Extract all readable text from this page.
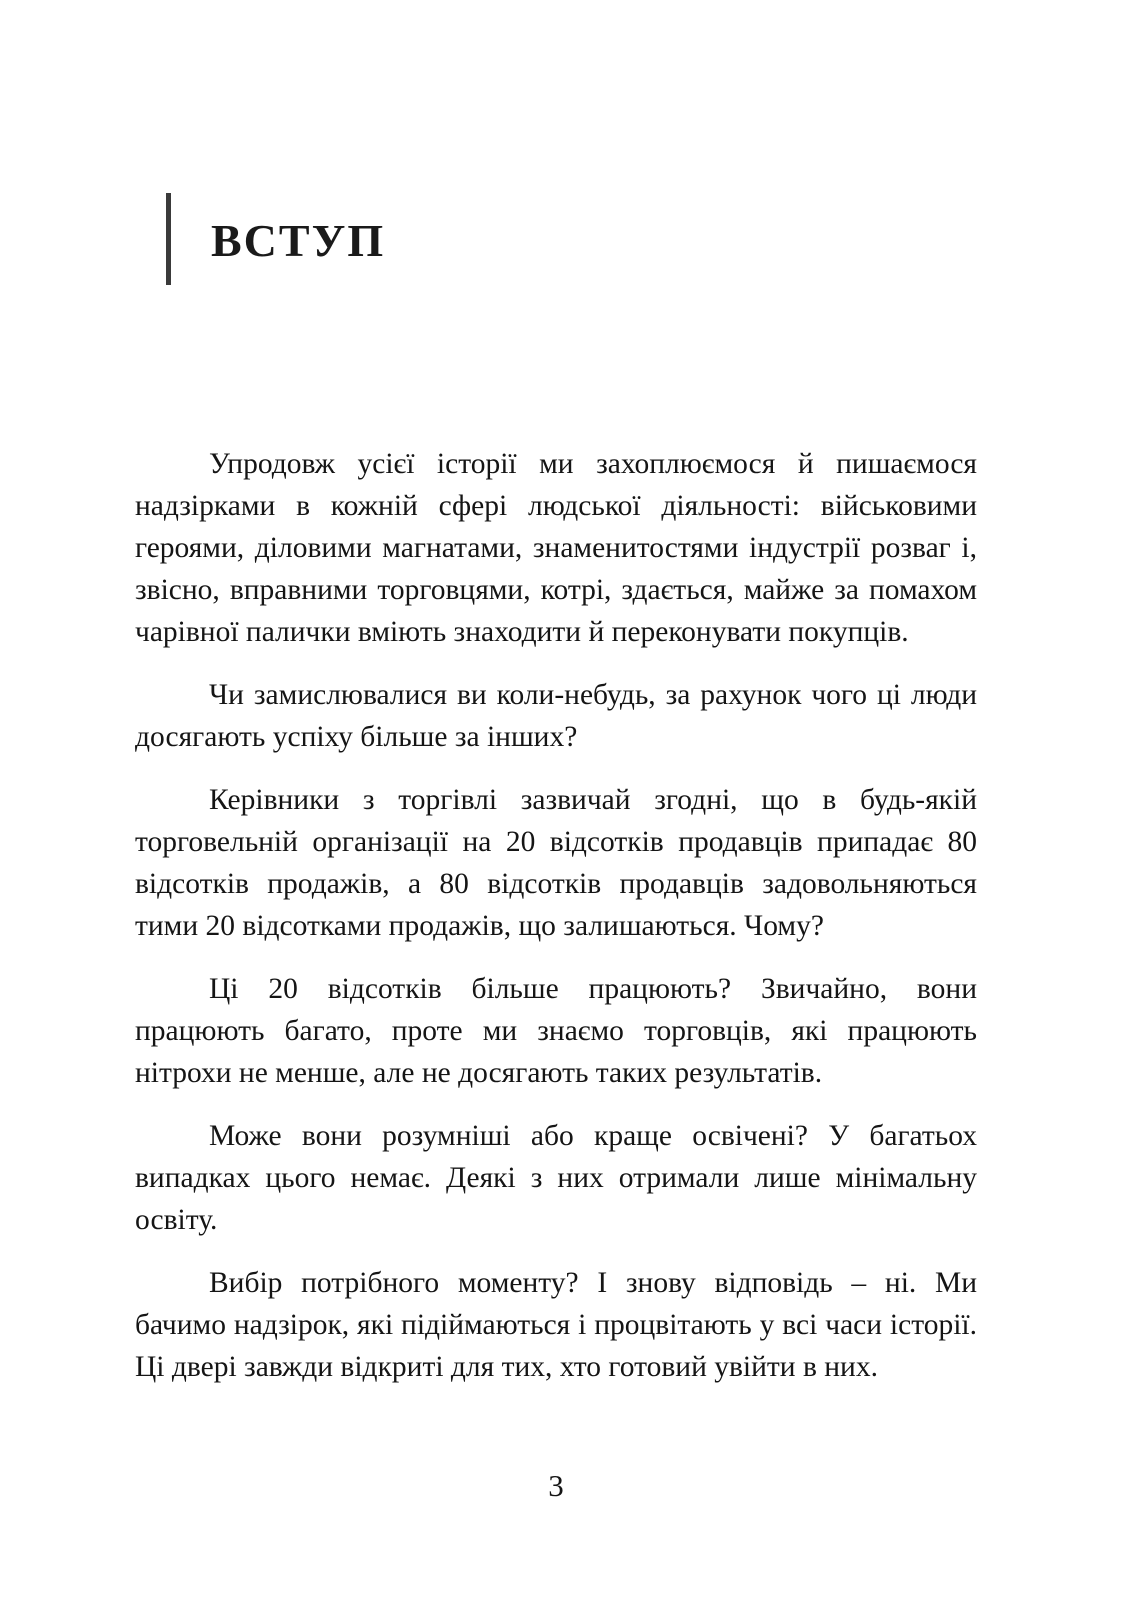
ВСТУП

Упродовж усієї історії ми захоплюємося й пишаємося надзірками в кожній сфері людської діяльності: військовими героями, діловими магнатами, знаменитостями індустрії розваг і, звісно, вправними торговцями, котрі, здається, майже за помахом чарівної палички вміють знаходити й переконувати покупців.

Чи замислювалися ви коли-небудь, за рахунок чого ці люди досягають успіху більше за інших?

Керівники з торгівлі зазвичай згодні, що в будь-якій торговельній організації на 20 відсотків продавців припадає 80 відсотків продажів, а 80 відсотків продавців задовольняються тими 20 відсотками продажів, що залишаються. Чому?

Ці 20 відсотків більше працюють? Звичайно, вони працюють багато, проте ми знаємо торговців, які працюють нітрохи не менше, але не досягають таких результатів.

Може вони розумніші або краще освічені? У багатьох випадках цього немає. Деякі з них отримали лише мінімальну освіту.

Вибір потрібного моменту? І знову відповідь – ні. Ми бачимо надзірок, які підіймаються і процвітають у всі часи історії. Ці двері завжди відкриті для тих, хто готовий увійти в них.

3
